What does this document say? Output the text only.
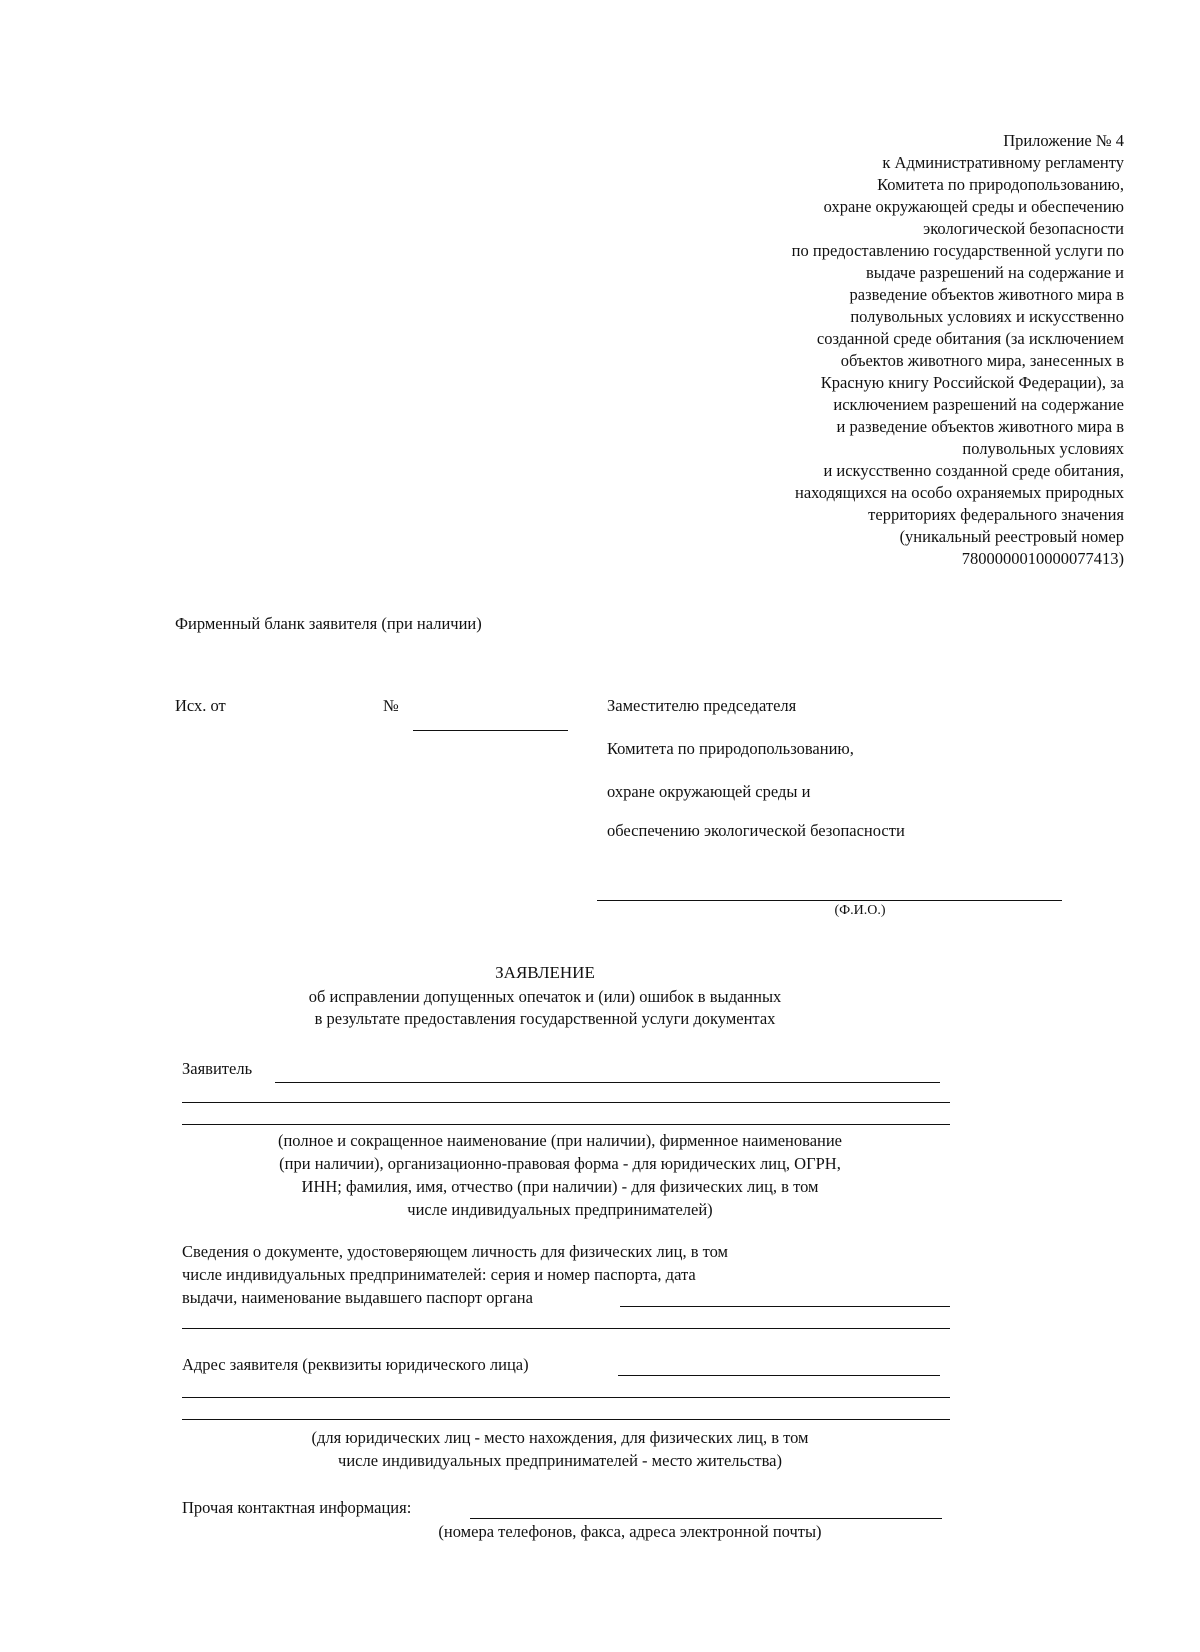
Приложение № 4
к Административному регламенту
Комитета по природопользованию,
охране окружающей среды и обеспечению
экологической безопасности
по предоставлению государственной услуги по
выдаче разрешений на содержание и
разведение объектов животного мира в
полувольных условиях и искусственно
созданной среде обитания (за исключением
объектов животного мира, занесенных в
Красную книгу Российской Федерации), за
исключением разрешений на содержание
и разведение объектов животного мира в
полувольных условиях
и искусственно созданной среде обитания,
находящихся на особо охраняемых природных
территориях федерального значения
(уникальный реестровый номер
7800000010000077413)
Фирменный бланк заявителя (при наличии)
Исх. от	№	Заместителю председателя
Комитета по природопользованию,
охране окружающей среды и
обеспечению экологической безопасности
(Ф.И.О.)
ЗАЯВЛЕНИЕ
об исправлении допущенных опечаток и (или) ошибок в выданных
в результате предоставления государственной услуги документах
Заявитель
(полное и сокращенное наименование (при наличии), фирменное наименование
(при наличии), организационно-правовая форма - для юридических лиц, ОГРН,
ИНН; фамилия, имя, отчество (при наличии) - для физических лиц, в том
числе индивидуальных предпринимателей)
Сведения о документе, удостоверяющем личность для физических лиц, в том
числе индивидуальных предпринимателей: серия и номер паспорта, дата
выдачи, наименование выдавшего паспорт органа
Адрес заявителя (реквизиты юридического лица)
(для юридических лиц - место нахождения, для физических лиц, в том
числе индивидуальных предпринимателей - место жительства)
Прочая контактная информация:
(номера телефонов, факса, адреса электронной почты)
